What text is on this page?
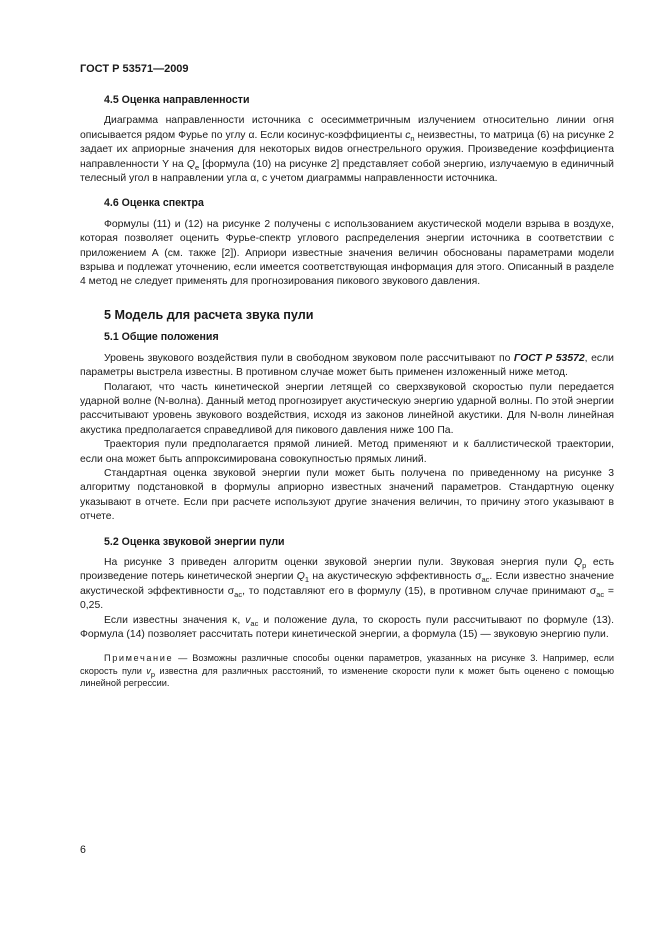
ГОСТ Р 53571—2009
4.5 Оценка направленности

Диаграмма направленности источника с осесимметричным излучением относительно линии огня описывается рядом Фурье по углу α. Если косинус-коэффициенты $c_n$ неизвестны, то матрица (6) на рисунке 2 задает их априорные значения для некоторых видов огнестрельного оружия. Произведение коэффициента направленности Y на $Q_e$ [формула (10) на рисунке 2] представляет собой энергию, излучаемую в единичный телесный угол в направлении угла α, с учетом диаграммы направленности источника.

4.6 Оценка спектра

Формулы (11) и (12) на рисунке 2 получены с использованием акустической модели взрыва в воздухе, которая позволяет оценить Фурье-спектр углового распределения энергии источника в соответствии с приложением А (см. также [2]). Априори известные значения величин обоснованы параметрами модели взрыва и подлежат уточнению, если имеется соответствующая информация для этого. Описанный в разделе 4 метод не следует применять для прогнозирования пикового звукового давления.

5 Модель для расчета звука пули
5.1 Общие положения

Уровень звукового воздействия пули в свободном звуковом поле рассчитывают по ГОСТ Р 53572, если параметры выстрела известны. В противном случае может быть применен изложенный ниже метод.

Полагают, что часть кинетической энергии летящей со сверхзвуковой скоростью пули передается ударной волне (N-волна). Данный метод прогнозирует акустическую энергию ударной волны. По этой энергии рассчитывают уровень звукового воздействия, исходя из законов линейной акустики. Для N-волн линейная акустика предполагается справедливой для пикового давления ниже 100 Па.

Траектория пули предполагается прямой линией. Метод применяют и к баллистической траектории, если она может быть аппроксимирована совокупностью прямых линий.

Стандартная оценка звуковой энергии пули может быть получена по приведенному на рисунке 3 алгоритму подстановкой в формулы априорно известных значений параметров. Стандартную оценку указывают в отчете. Если при расчете используют другие значения величин, то причину этого указывают в отчете.

5.2 Оценка звуковой энергии пули

На рисунке 3 приведен алгоритм оценки звуковой энергии пули. Звуковая энергия пули $Q_p$ есть произведение потерь кинетической энергии $Q_1$ на акустическую эффективность $\sigma_{ac}$. Если известно значение акустической эффективности $\sigma_{ac}$, то подставляют его в формулу (15), в противном случае принимают $\sigma_{ac} = 0,25$.

Если известны значения κ, $v_{ac}$ и положение дула, то скорость пули рассчитывают по формуле (13). Формула (14) позволяет рассчитать потери кинетической энергии, а формула (15) — звуковую энергию пули.

Примечание — Возможны различные способы оценки параметров, указанных на рисунке 3. Например, если скорость пули $v_p$ известна для различных расстояний, то изменение скорости пули κ может быть оценено с помощью линейной регрессии.

6
